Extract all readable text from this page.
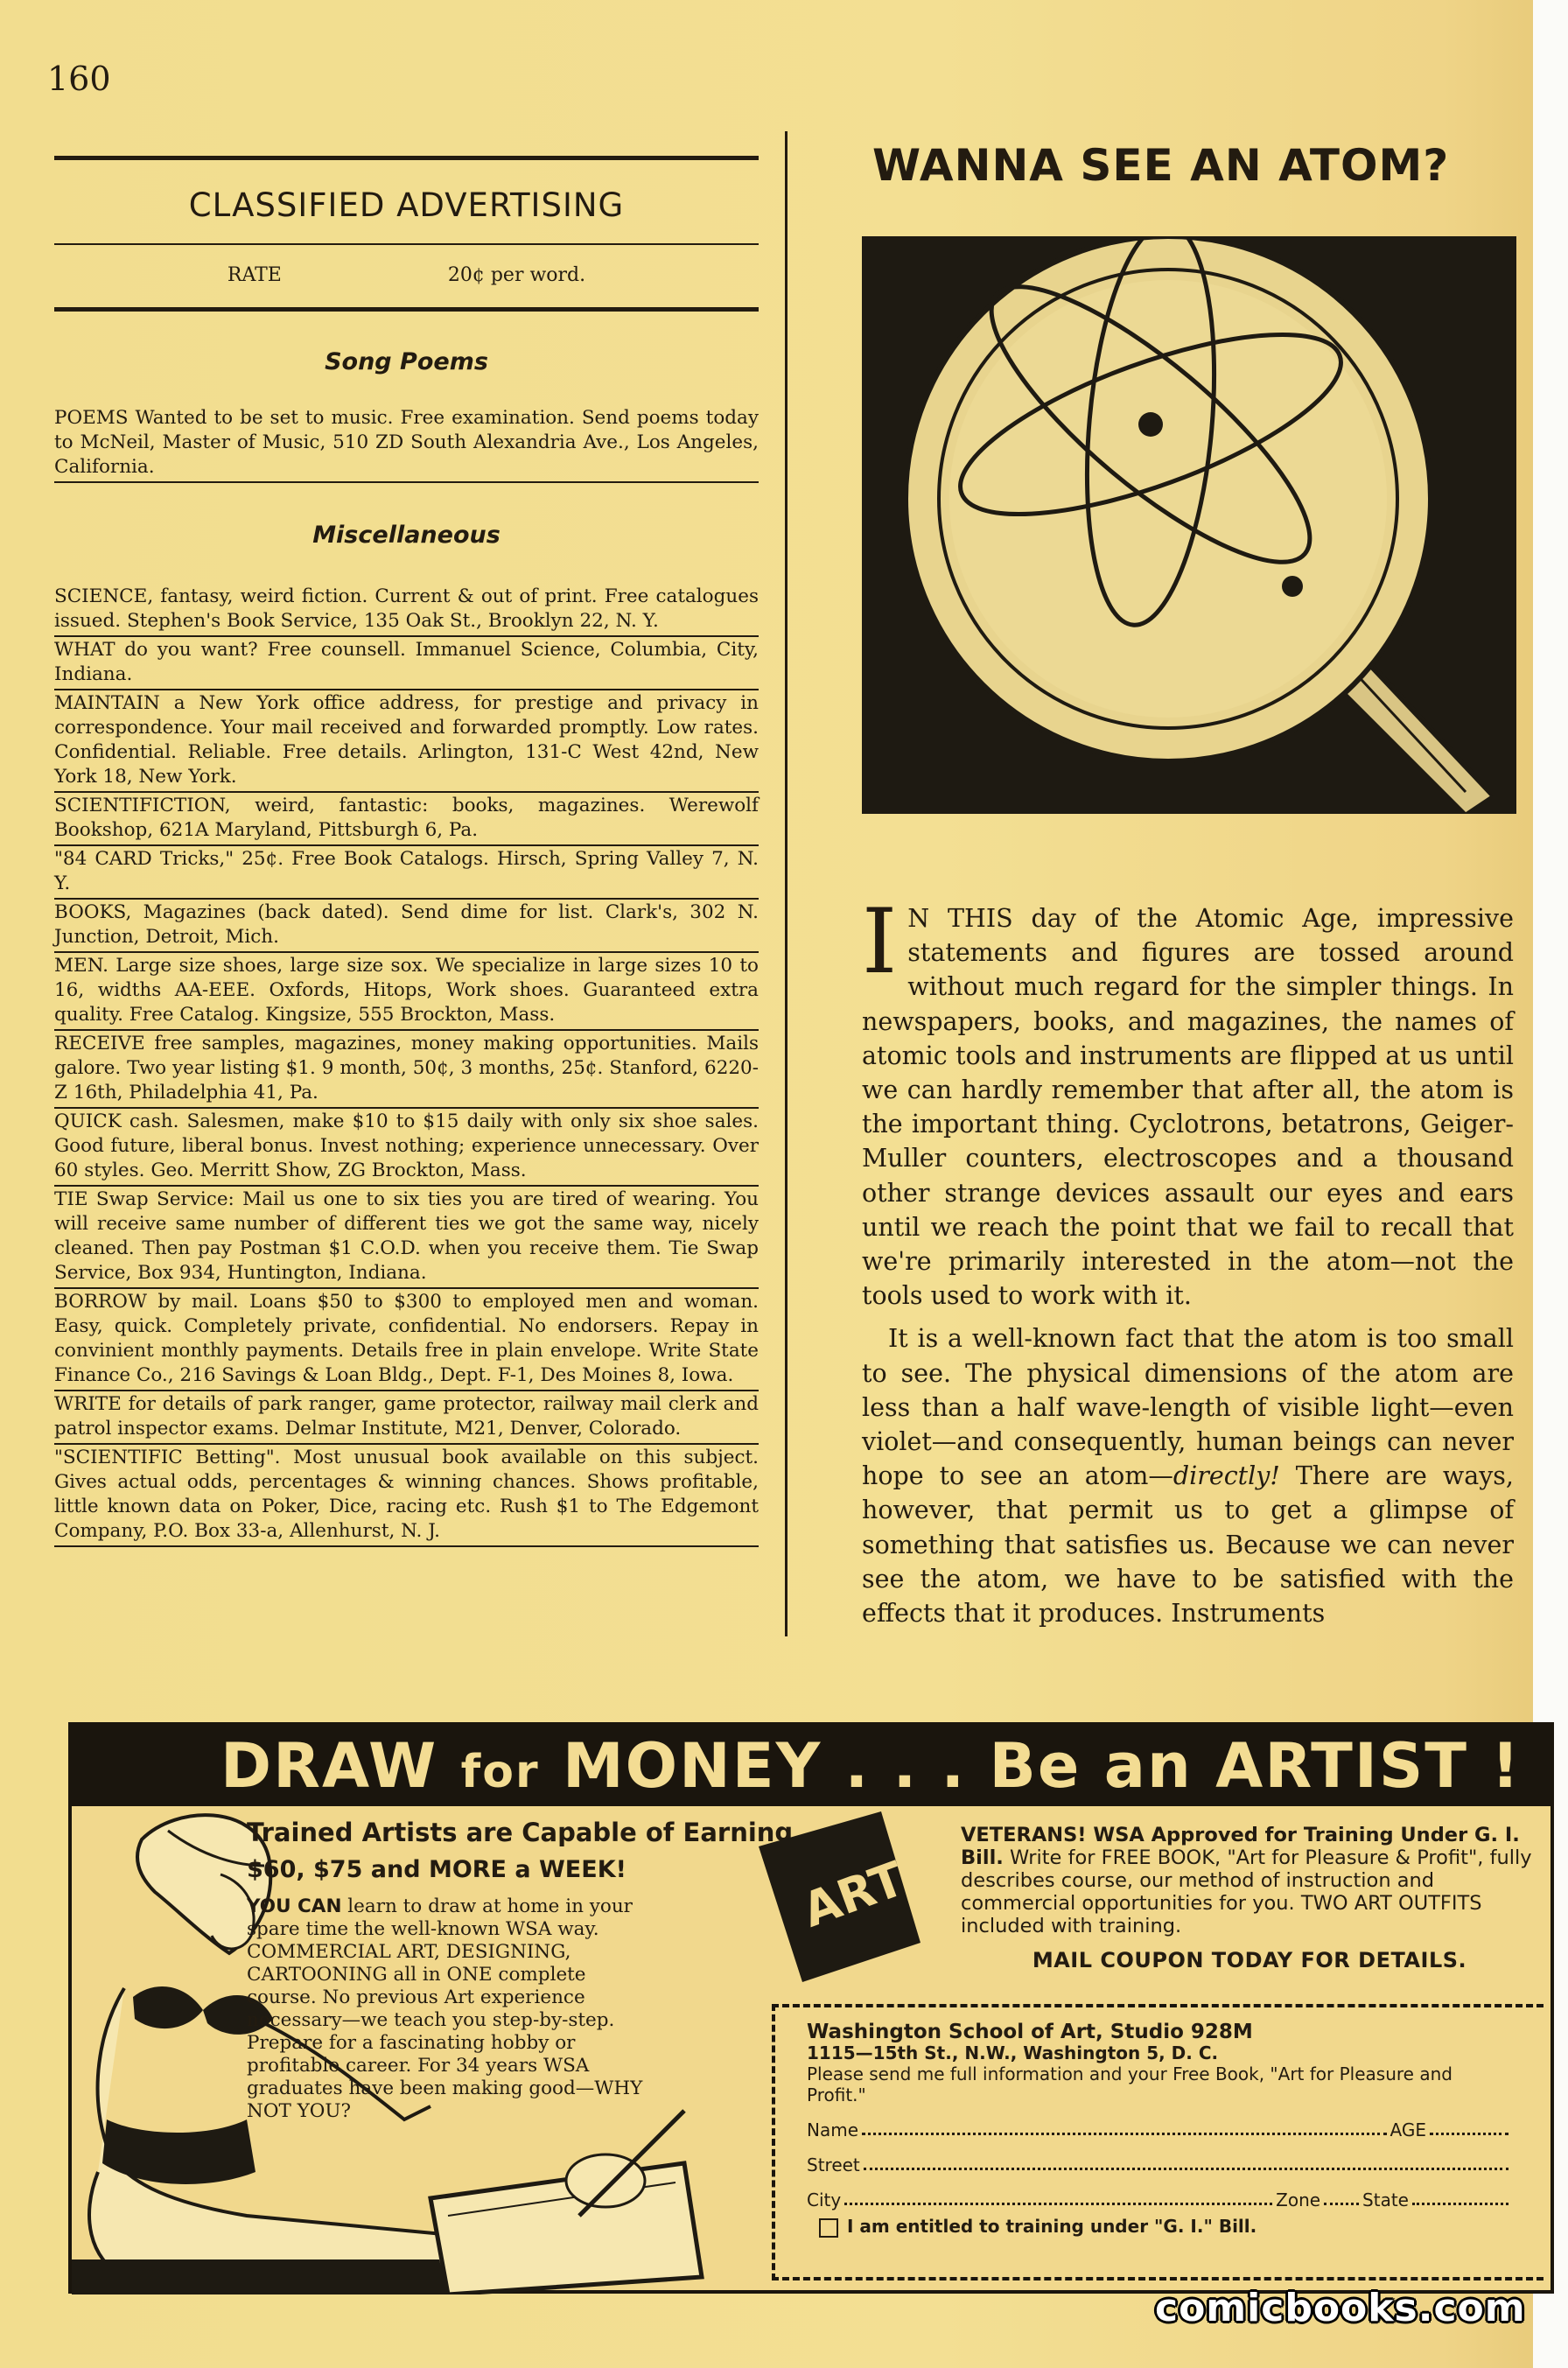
160
CLASSIFIED ADVERTISING
RATE	20¢ per word.
Song Poems
POEMS Wanted to be set to music. Free examination. Send poems today to McNeil, Master of Music, 510 ZD South Alexandria Ave., Los Angeles, California.
Miscellaneous
SCIENCE, fantasy, weird fiction. Current & out of print. Free catalogues issued. Stephen's Book Service, 135 Oak St., Brooklyn 22, N. Y.
WHAT do you want? Free counsell. Immanuel Science, Columbia, City, Indiana.
MAINTAIN a New York office address, for prestige and privacy in correspondence. Your mail received and forwarded promptly. Low rates. Confidential. Reliable. Free details. Arlington, 131-C West 42nd, New York 18, New York.
SCIENTIFICTION, weird, fantastic: books, magazines. Werewolf Bookshop, 621A Maryland, Pittsburgh 6, Pa.
"84 CARD Tricks," 25¢. Free Book Catalogs. Hirsch, Spring Valley 7, N. Y.
BOOKS, Magazines (back dated). Send dime for list. Clark's, 302 N. Junction, Detroit, Mich.
MEN. Large size shoes, large size sox. We specialize in large sizes 10 to 16, widths AA-EEE. Oxfords, Hitops, Work shoes. Guaranteed extra quality. Free Catalog. Kingsize, 555 Brockton, Mass.
RECEIVE free samples, magazines, money making opportunities. Mails galore. Two year listing $1. 9 month, 50¢, 3 months, 25¢. Stanford, 6220-Z 16th, Philadelphia 41, Pa.
QUICK cash. Salesmen, make $10 to $15 daily with only six shoe sales. Good future, liberal bonus. Invest nothing; experience unnecessary. Over 60 styles. Geo. Merritt Show, ZG Brockton, Mass.
TIE Swap Service: Mail us one to six ties you are tired of wearing. You will receive same number of different ties we got the same way, nicely cleaned. Then pay Postman $1 C.O.D. when you receive them. Tie Swap Service, Box 934, Huntington, Indiana.
BORROW by mail. Loans $50 to $300 to employed men and woman. Easy, quick. Completely private, confidential. No endorsers. Repay in convinient monthly payments. Details free in plain envelope. Write State Finance Co., 216 Savings & Loan Bldg., Dept. F-1, Des Moines 8, Iowa.
WRITE for details of park ranger, game protector, railway mail clerk and patrol inspector exams. Delmar Institute, M21, Denver, Colorado.
"SCIENTIFIC Betting". Most unusual book available on this subject. Gives actual odds, percentages & winning chances. Shows profitable, little known data on Poker, Dice, racing etc. Rush $1 to The Edgemont Company, P.O. Box 33-a, Allenhurst, N. J.
WANNA SEE AN ATOM?

I N THIS day of the Atomic Age, impressive statements and figures are tossed around without much regard for the simpler things. In newspapers, books, and magazines, the names of atomic tools and instruments are flipped at us until we can hardly remember that after all, the atom is the important thing. Cyclotrons, betatrons, Geiger-Muller counters, electroscopes and a thousand other strange devices assault our eyes and ears until we reach the point that we fail to recall that we're primarily interested in the atom—not the tools used to work with it.

It is a well-known fact that the atom is too small to see. The physical dimensions of the atom are less than a half wave-length of visible light—even violet—and consequently, human beings can never hope to see an atom—directly! There are ways, however, that permit us to get a glimpse of something that satisfies us. Because we can never see the atom, we have to be satisfied with the effects that it produces. Instruments

DRAW for MONEY . . . Be an ARTIST !
Trained Artists are Capable of Earning
$60, $75 and MORE a WEEK!
YOU CAN learn to draw at home in your spare time the well-known WSA way. COMMERCIAL ART, DESIGNING, CARTOONING all in ONE complete course. No previous Art experience necessary—we teach you step-by-step. Prepare for a fascinating hobby or profitable career. For 34 years WSA graduates have been making good—WHY NOT YOU?
ART
VETERANS! WSA Approved for Training Under G. I. Bill. Write for FREE BOOK, "Art for Pleasure & Profit", fully describes course, our method of instruction and commercial opportunities for you. TWO ART OUTFITS included with training.
MAIL COUPON TODAY FOR DETAILS.
Washington School of Art, Studio 928M
1115—15th St., N.W., Washington 5, D. C.
Please send me full information and your Free Book, "Art for Pleasure and Profit."
Name	AGE
Street
City	Zone State
I am entitled to training under "G. I." Bill.
comicbooks.com
